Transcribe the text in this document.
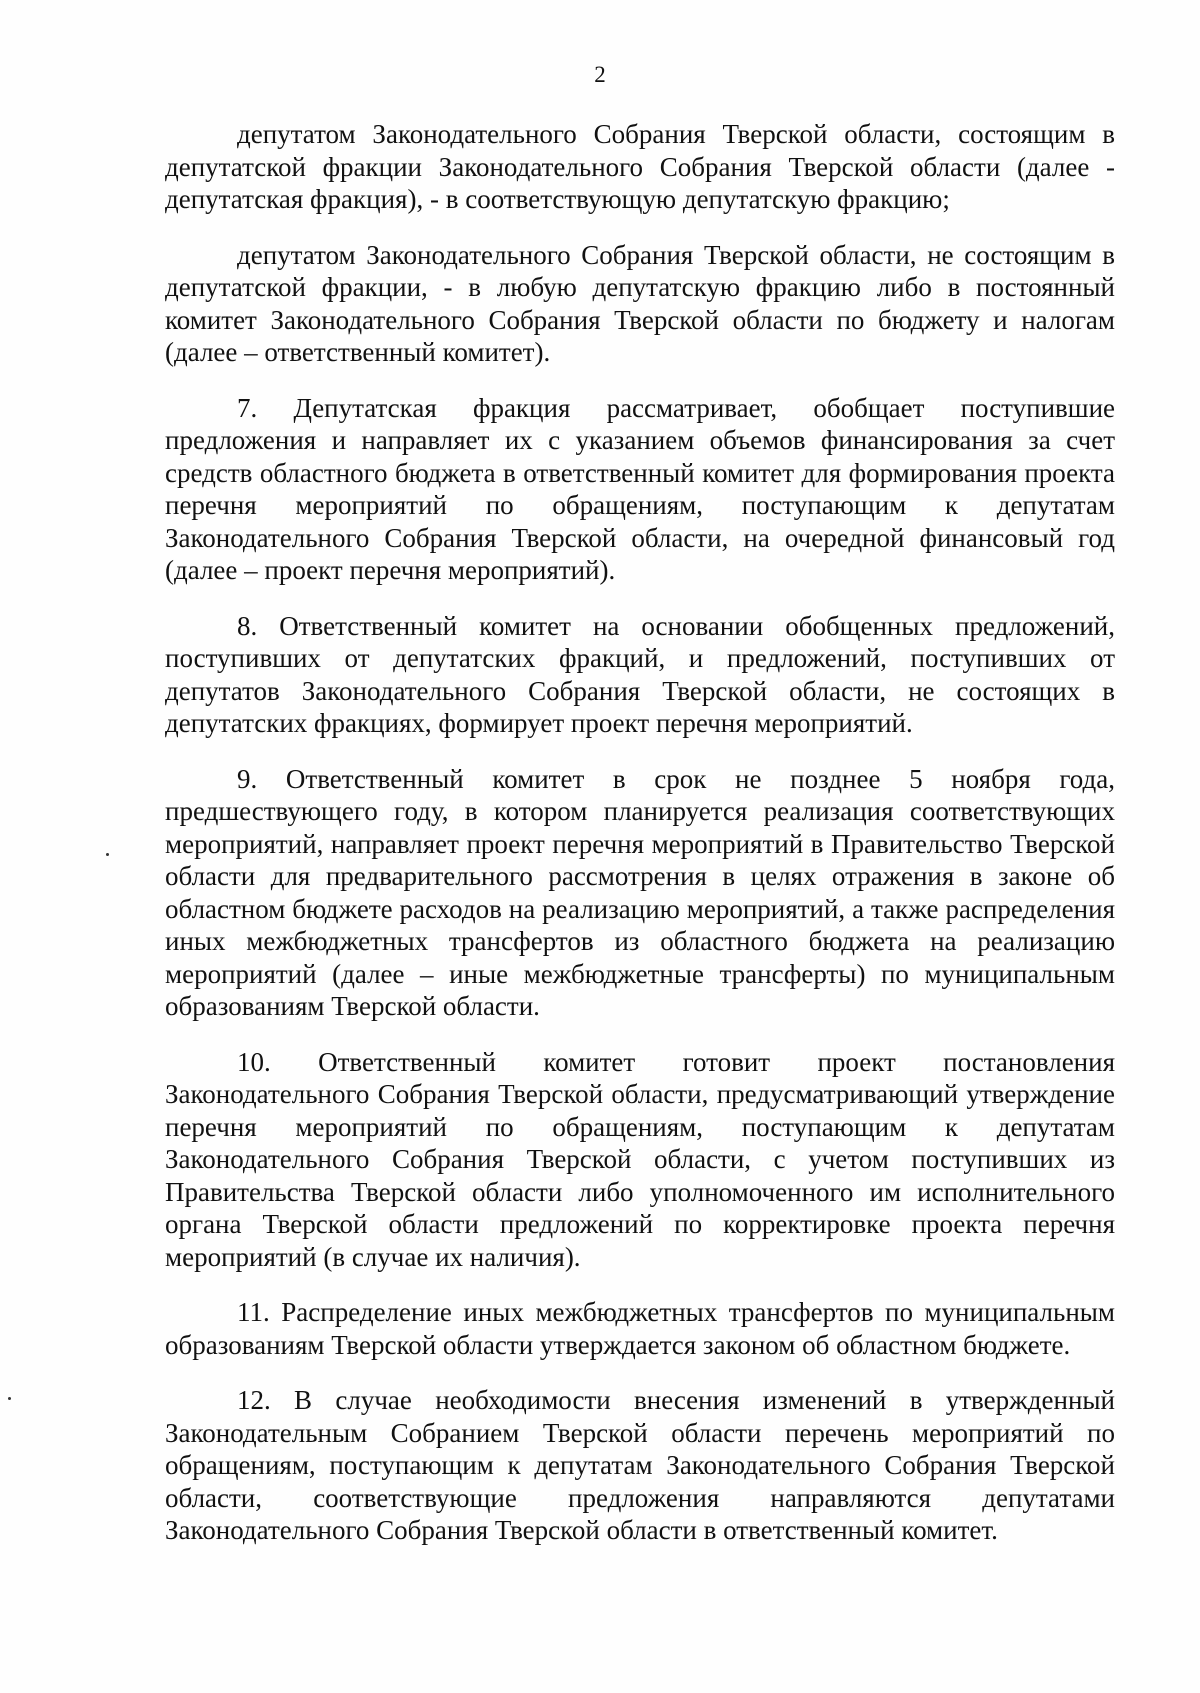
2

депутатом Законодательного Собрания Тверской области, состоящим в депутатской фракции Законодательного Собрания Тверской области (далее - депутатская фракция), - в соответствующую депутатскую фракцию;

депутатом Законодательного Собрания Тверской области, не состоящим в депутатской фракции, - в любую депутатскую фракцию либо в постоянный комитет Законодательного Собрания Тверской области по бюджету и налогам (далее – ответственный комитет).

7. Депутатская фракция рассматривает, обобщает поступившие предложения и направляет их с указанием объемов финансирования за счет средств областного бюджета в ответственный комитет для формирования проекта перечня мероприятий по обращениям, поступающим к депутатам Законодательного Собрания Тверской области, на очередной финансовый год (далее – проект перечня мероприятий).

8. Ответственный комитет на основании обобщенных предложений, поступивших от депутатских фракций, и предложений, поступивших от депутатов Законодательного Собрания Тверской области, не состоящих в депутатских фракциях, формирует проект перечня мероприятий.

9. Ответственный комитет в срок не позднее 5 ноября года, предшествующего году, в котором планируется реализация соответствующих мероприятий, направляет проект перечня мероприятий в Правительство Тверской области для предварительного рассмотрения в целях отражения в законе об областном бюджете расходов на реализацию мероприятий, а также распределения иных межбюджетных трансфертов из областного бюджета на реализацию мероприятий (далее – иные межбюджетные трансферты) по муниципальным образованиям Тверской области.

10. Ответственный комитет готовит проект постановления Законодательного Собрания Тверской области, предусматривающий утверждение перечня мероприятий по обращениям, поступающим к депутатам Законодательного Собрания Тверской области, с учетом поступивших из Правительства Тверской области либо уполномоченного им исполнительного органа Тверской области предложений по корректировке проекта перечня мероприятий (в случае их наличия).

11. Распределение иных межбюджетных трансфертов по муниципальным образованиям Тверской области утверждается законом об областном бюджете.

12. В случае необходимости внесения изменений в утвержденный Законодательным Собранием Тверской области перечень мероприятий по обращениям, поступающим к депутатам Законодательного Собрания Тверской области, соответствующие предложения направляются депутатами Законодательного Собрания Тверской области в ответственный комитет.
